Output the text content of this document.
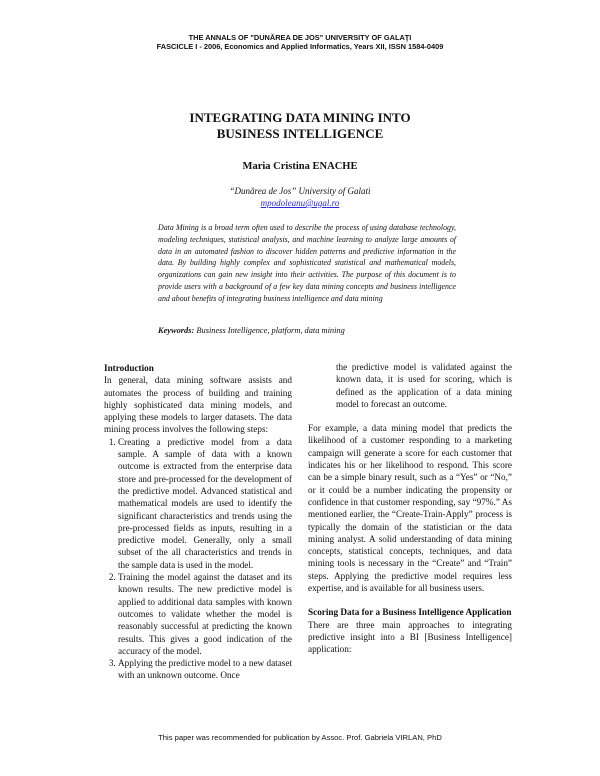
THE ANNALS OF "DUNĂREA DE JOS" UNIVERSITY OF GALAŢI
FASCICLE I - 2006, Economics and Applied Informatics, Years XII, ISSN 1584-0409
INTEGRATING DATA MINING INTO
BUSINESS INTELLIGENCE
Maria Cristina ENACHE
“Dunărea de Jos” University of Galati
mpodoleanu@ugal.ro

Data Mining is a broad term often used to describe the process of using database technology, modeling techniques, statistical analysis, and machine learning to analyze large amounts of data in an automated fashion to discover hidden patterns and predictive information in the data. By building highly complex and sophisticated statistical and mathematical models, organizations can gain new insight into their activities. The purpose of this document is to provide users with a background of a few key data mining concepts and business intelligence and about benefits of integrating business intelligence and data mining

Keywords: Business Intelligence, platform, data mining

Introduction

In general, data mining software assists and automates the process of building and training highly sophisticated data mining models, and applying these models to larger datasets. The data mining process involves the following steps:

1. Creating a predictive model from a data sample. A sample of data with a known outcome is extracted from the enterprise data store and pre-processed for the development of the predictive model. Advanced statistical and mathematical models are used to identify the significant characteristics and trends using the pre-processed fields as inputs, resulting in a predictive model. Generally, only a small subset of the all characteristics and trends in the sample data is used in the model.
2. Training the model against the dataset and its known results. The new predictive model is applied to additional data samples with known outcomes to validate whether the model is reasonably successful at predicting the known results. This gives a good indication of the accuracy of the model.
3. Applying the predictive model to a new dataset with an unknown outcome. Once

the predictive model is validated against the known data, it is used for scoring, which is defined as the application of a data mining model to forecast an outcome.

For example, a data mining model that predicts the likelihood of a customer responding to a marketing campaign will generate a score for each customer that indicates his or her likelihood to respond. This score can be a simple binary result, such as a “Yes” or “No,” or it could be a number indicating the propensity or confidence in that customer responding, say “97%.” As mentioned earlier, the “Create-Train-Apply” process is typically the domain of the statistician or the data mining analyst. A solid understanding of data mining concepts, statistical concepts, techniques, and data mining tools is necessary in the “Create” and “Train” steps. Applying the predictive model requires less expertise, and is available for all business users.

Scoring Data for a Business Intelligence Application

There are three main approaches to integrating predictive insight into a BI [Business Intelligence] application:

This paper was recommended for publication by Assoc. Prof. Gabriela VIRLAN, PhD
